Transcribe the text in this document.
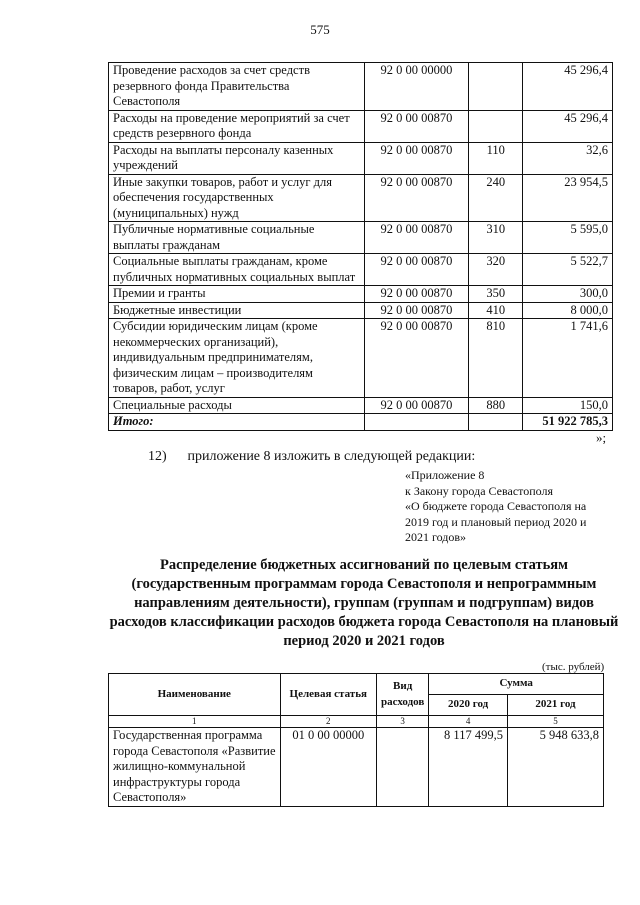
575
Проведение расходов за счет средств резервного фонда Правительства Севастополя	92 0 00 00000		45 296,4
Расходы на проведение мероприятий за счет средств резервного фонда	92 0 00 00870		45 296,4
Расходы на выплаты персоналу казенных учреждений	92 0 00 00870	110	32,6
Иные закупки товаров, работ и услуг для обеспечения государственных (муниципальных) нужд	92 0 00 00870	240	23 954,5
Публичные нормативные социальные выплаты гражданам	92 0 00 00870	310	5 595,0
Социальные выплаты гражданам, кроме публичных нормативных социальных выплат	92 0 00 00870	320	5 522,7
Премии и гранты	92 0 00 00870	350	300,0
Бюджетные инвестиции	92 0 00 00870	410	8 000,0
Субсидии юридическим лицам (кроме некоммерческих организаций), индивидуальным предпринимателям, физическим лицам – производителям товаров, работ, услуг	92 0 00 00870	810	1 741,6
Специальные расходы	92 0 00 00870	880	150,0
Итого:			51 922 785,3
»;
12) приложение 8 изложить в следующей редакции:
«Приложение 8
к Закону города Севастополя
«О бюджете города Севастополя на 2019 год и плановый период 2020 и 2021 годов»
Распределение бюджетных ассигнований по целевым статьям (государственным программам города Севастополя и непрограммным направлениям деятельности), группам (группам и подгруппам) видов расходов классификации расходов бюджета города Севастополя на плановый период 2020 и 2021 годов
(тыс. рублей)
Наименование	Целевая статья	Вид расходов	Сумма	
			2020 год	2021 год
1	2	3	4	5
Государственная программа города Севастополя «Развитие жилищно-коммунальной инфраструктуры города Севастополя»	01 0 00 00000		8 117 499,5	5 948 633,8
